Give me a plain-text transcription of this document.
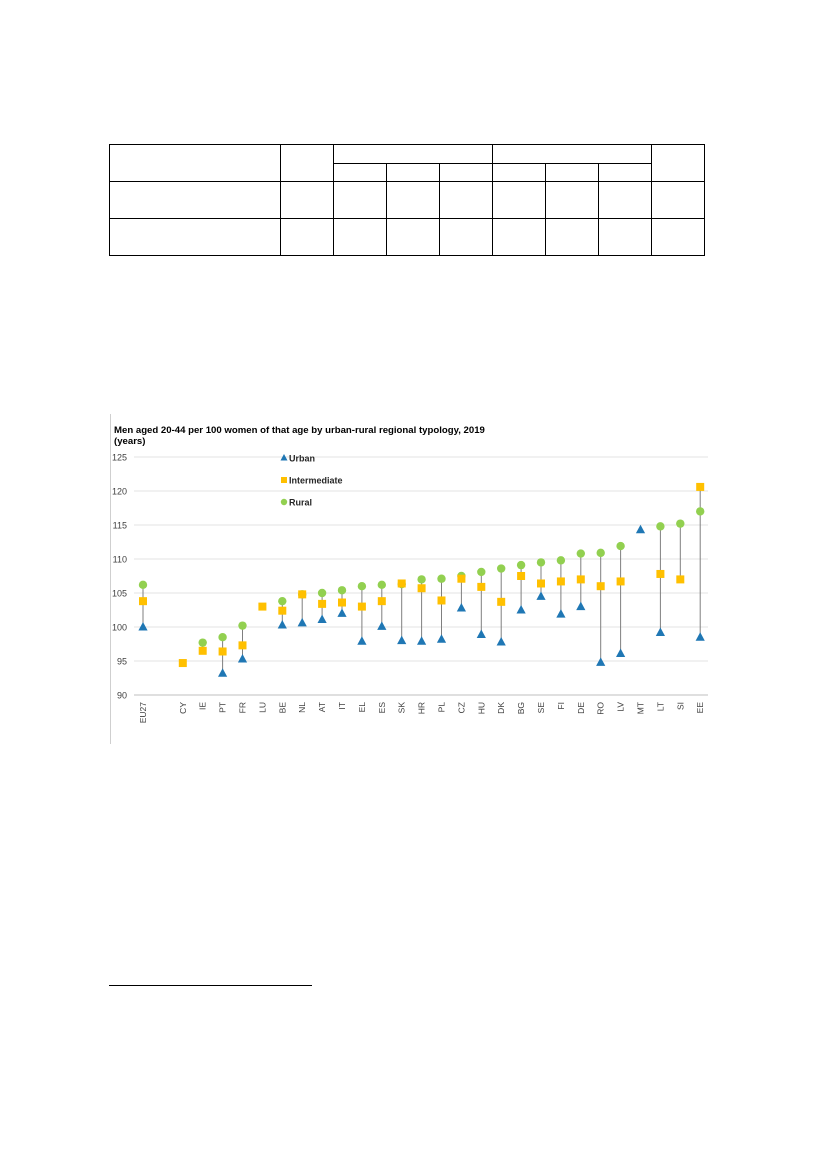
Men aged 20-44 per 100 women of that age by urban-rural regional typology, 2019
(years)
90
95
100
105
110
115
120
125
EU27	CY IE PT FR LU BE NL AT IT EL ES SK HR PL CZ HU DK BG SE FI DE RO LV MT LT SI EE
Urban
Intermediate
Rural
